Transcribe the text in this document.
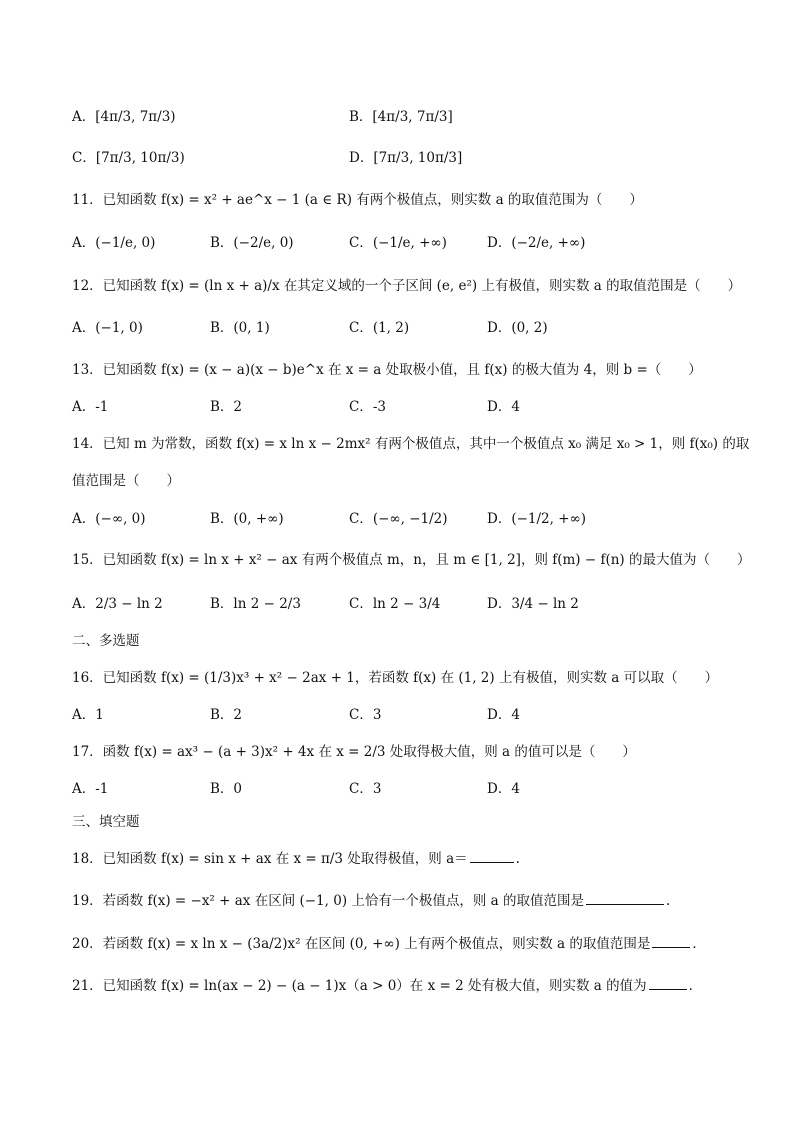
A．[4π/3, 7π/3)	B．[4π/3, 7π/3]
C．[7π/3, 10π/3)	D．[7π/3, 10π/3]
11．已知函数 f(x) = x² + ae^x − 1 (a ∈ R) 有两个极值点，则实数 a 的取值范围为（　　）
A．(−1/e, 0)	B．(−2/e, 0)	C．(−1/e, +∞)	D．(−2/e, +∞)
12．已知函数 f(x) = (ln x + a)/x 在其定义域的一个子区间 (e, e²) 上有极值，则实数 a 的取值范围是（　　）
A．(−1, 0)	B．(0, 1)	C．(1, 2)	D．(0, 2)
13．已知函数 f(x) = (x − a)(x − b)e^x 在 x = a 处取极小值，且 f(x) 的极大值为 4，则 b =（　　）
A．-1	B．2	C．-3	D．4
14．已知 m 为常数，函数 f(x) = x ln x − 2mx² 有两个极值点，其中一个极值点 x₀ 满足 x₀ > 1，则 f(x₀) 的取
值范围是（　　）
A．(−∞, 0)	B．(0, +∞)	C．(−∞, −1/2)	D．(−1/2, +∞)
15．已知函数 f(x) = ln x + x² − ax 有两个极值点 m，n，且 m ∈ [1, 2]，则 f(m) − f(n) 的最大值为（　　）
A．2/3 − ln 2	B．ln 2 − 2/3	C．ln 2 − 3/4	D．3/4 − ln 2
二、多选题
16．已知函数 f(x) = (1/3)x³ + x² − 2ax + 1，若函数 f(x) 在 (1, 2) 上有极值，则实数 a 可以取（　　）
A．1	B．2	C．3	D．4
17．函数 f(x) = ax³ − (a + 3)x² + 4x 在 x = 2/3 处取得极大值，则 a 的值可以是（　　）
A．-1	B．0	C．3	D．4
三、填空题
18．已知函数 f(x) = sin x + ax 在 x = π/3 处取得极值，则 a＝	.
19．若函数 f(x) = −x² + ax 在区间 (−1, 0) 上恰有一个极值点，则 a 的取值范围是	.
20．若函数 f(x) = x ln x − (3a/2)x² 在区间 (0, +∞) 上有两个极值点，则实数 a 的取值范围是	．
21．已知函数 f(x) = ln(ax − 2) − (a − 1)x（a > 0）在 x = 2 处有极大值，则实数 a 的值为	．
